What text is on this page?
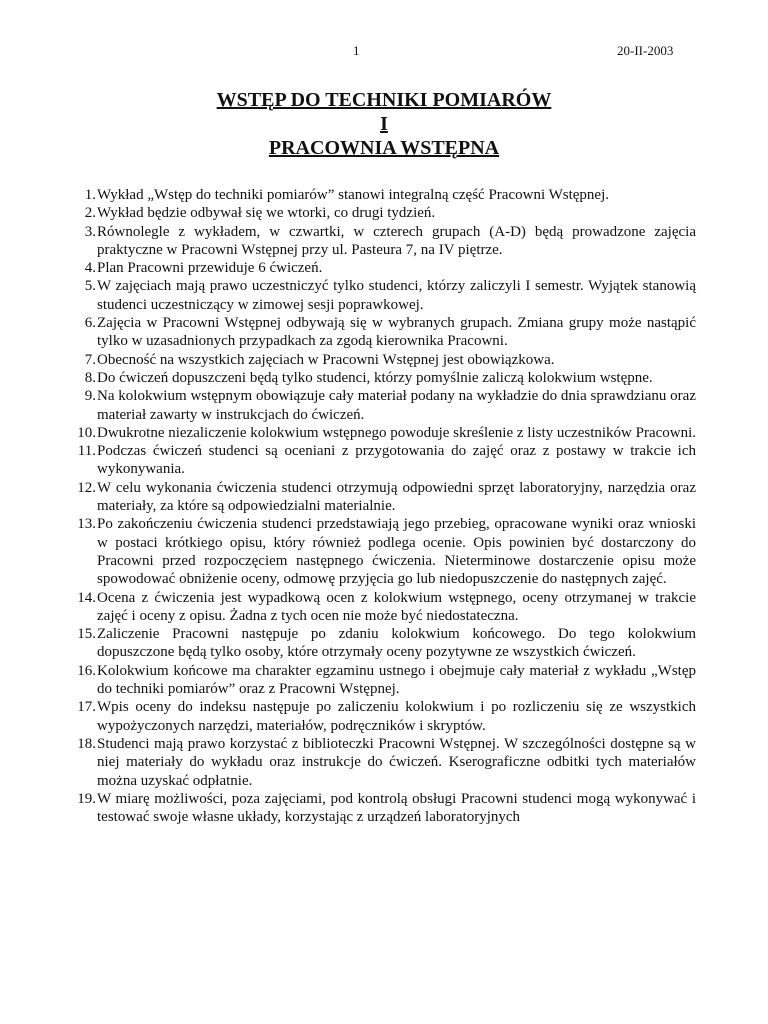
1	20-II-2003
WSTĘP DO TECHNIKI POMIARÓW
I
PRACOWNIA WSTĘPNA
1. Wykład „Wstęp do techniki pomiarów” stanowi integralną część Pracowni Wstępnej.
2. Wykład będzie odbywał się we wtorki, co drugi tydzień.
3. Równolegle z wykładem, w czwartki, w czterech grupach (A-D) będą prowadzone zajęcia praktyczne w Pracowni Wstępnej przy ul. Pasteura 7, na IV piętrze.
4. Plan Pracowni przewiduje 6 ćwiczeń.
5. W zajęciach mają prawo uczestniczyć tylko studenci, którzy zaliczyli I semestr. Wyjątek stanowią studenci uczestniczący w zimowej sesji poprawkowej.
6. Zajęcia w Pracowni Wstępnej odbywają się w wybranych grupach. Zmiana grupy może nastąpić tylko w uzasadnionych przypadkach za zgodą kierownika Pracowni.
7. Obecność na wszystkich zajęciach w Pracowni Wstępnej jest obowiązkowa.
8. Do ćwiczeń dopuszczeni będą tylko studenci, którzy pomyślnie zaliczą kolokwium wstępne.
9. Na kolokwium wstępnym obowiązuje cały materiał podany na wykładzie do dnia sprawdzianu oraz materiał zawarty w instrukcjach do ćwiczeń.
10. Dwukrotne niezaliczenie kolokwium wstępnego powoduje skreślenie z listy uczestników Pracowni.
11. Podczas ćwiczeń studenci są oceniani z przygotowania do zajęć oraz z postawy w trakcie ich wykonywania.
12. W celu wykonania ćwiczenia studenci otrzymują odpowiedni sprzęt laboratoryjny, narzędzia oraz materiały, za które są odpowiedzialni materialnie.
13. Po zakończeniu ćwiczenia studenci przedstawiają jego przebieg, opracowane wyniki oraz wnioski w postaci krótkiego opisu, który również podlega ocenie. Opis powinien być dostarczony do Pracowni przed rozpoczęciem następnego ćwiczenia. Nieterminowe dostarczenie opisu może spowodować obniżenie oceny, odmowę przyjęcia go lub niedopuszczenie do następnych zajęć.
14. Ocena z ćwiczenia jest wypadkową ocen z kolokwium wstępnego, oceny otrzymanej w trakcie zajęć i oceny z opisu. Żadna z tych ocen nie może być niedostateczna.
15. Zaliczenie Pracowni następuje po zdaniu kolokwium końcowego. Do tego kolokwium dopuszczone będą tylko osoby, które otrzymały oceny pozytywne ze wszystkich ćwiczeń.
16. Kolokwium końcowe ma charakter egzaminu ustnego i obejmuje cały materiał z wykładu „Wstęp do techniki pomiarów” oraz z Pracowni Wstępnej.
17. Wpis oceny do indeksu następuje po zaliczeniu kolokwium i po rozliczeniu się ze wszystkich wypożyczonych narzędzi, materiałów, podręczników i skryptów.
18. Studenci mają prawo korzystać z biblioteczki Pracowni Wstępnej. W szczególności dostępne są w niej materiały do wykładu oraz instrukcje do ćwiczeń. Kserograficzne odbitki tych materiałów można uzyskać odpłatnie.
19. W miarę możliwości, poza zajęciami, pod kontrolą obsługi Pracowni studenci mogą wykonywać i testować swoje własne układy, korzystając z urządzeń laboratoryjnych
